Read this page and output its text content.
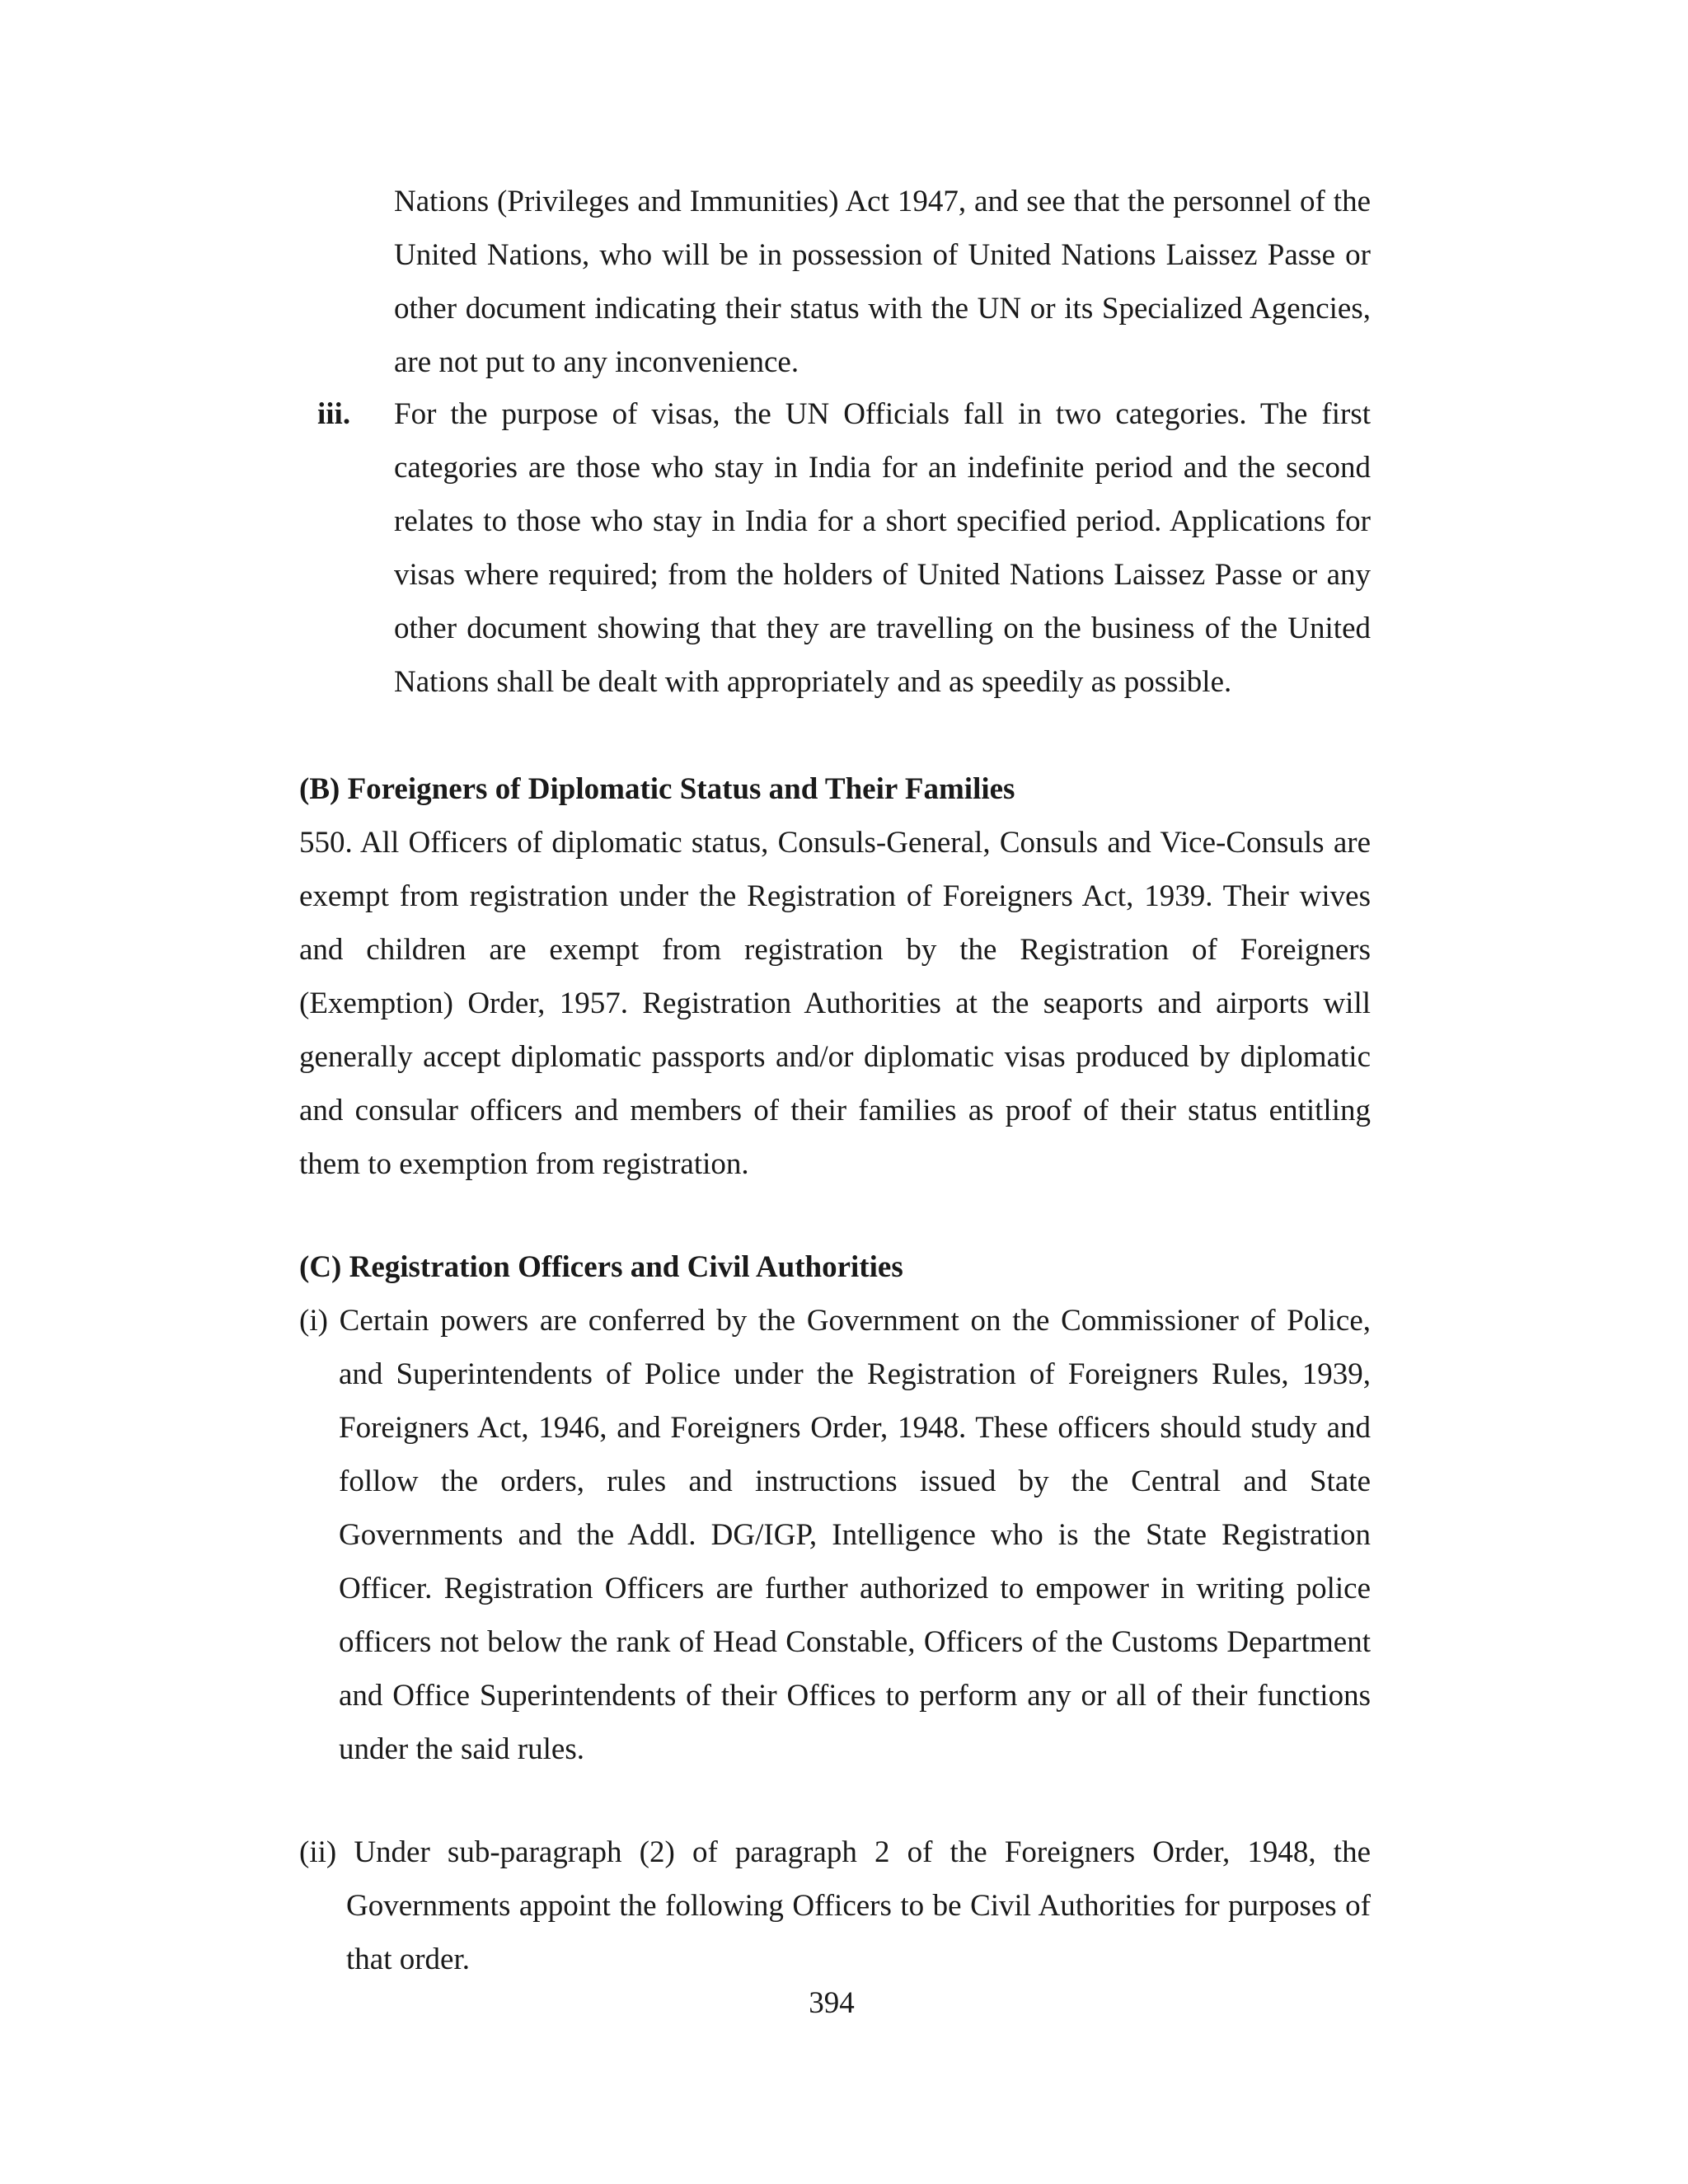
Nations (Privileges and Immunities) Act 1947, and see that the personnel of the United Nations, who will be in possession of United Nations Laissez Passe or other document indicating their status with the UN or its Specialized Agencies, are not put to any inconvenience.

iii. For the purpose of visas, the UN Officials fall in two categories. The first categories are those who stay in India for an indefinite period and the second relates to those who stay in India for a short specified period. Applications for visas where required; from the holders of United Nations Laissez Passe or any other document showing that they are travelling on the business of the United Nations shall be dealt with appropriately and as speedily as possible.

(B) Foreigners of Diplomatic Status and Their Families

550. All Officers of diplomatic status, Consuls-General, Consuls and Vice-Consuls are exempt from registration under the Registration of Foreigners Act, 1939. Their wives and children are exempt from registration by the Registration of Foreigners (Exemption) Order, 1957. Registration Authorities at the seaports and airports will generally accept diplomatic passports and/or diplomatic visas produced by diplomatic and consular officers and members of their families as proof of their status entitling them to exemption from registration.

(C) Registration Officers and Civil Authorities

(i) Certain powers are conferred by the Government on the Commissioner of Police, and Superintendents of Police under the Registration of Foreigners Rules, 1939, Foreigners Act, 1946, and Foreigners Order, 1948. These officers should study and follow the orders, rules and instructions issued by the Central and State Governments and the Addl. DG/IGP, Intelligence who is the State Registration Officer. Registration Officers are further authorized to empower in writing police officers not below the rank of Head Constable, Officers of the Customs Department and Office Superintendents of their Offices to perform any or all of their functions under the said rules.

(ii) Under sub-paragraph (2) of paragraph 2 of the Foreigners Order, 1948, the Governments appoint the following Officers to be Civil Authorities for purposes of that order.

394
